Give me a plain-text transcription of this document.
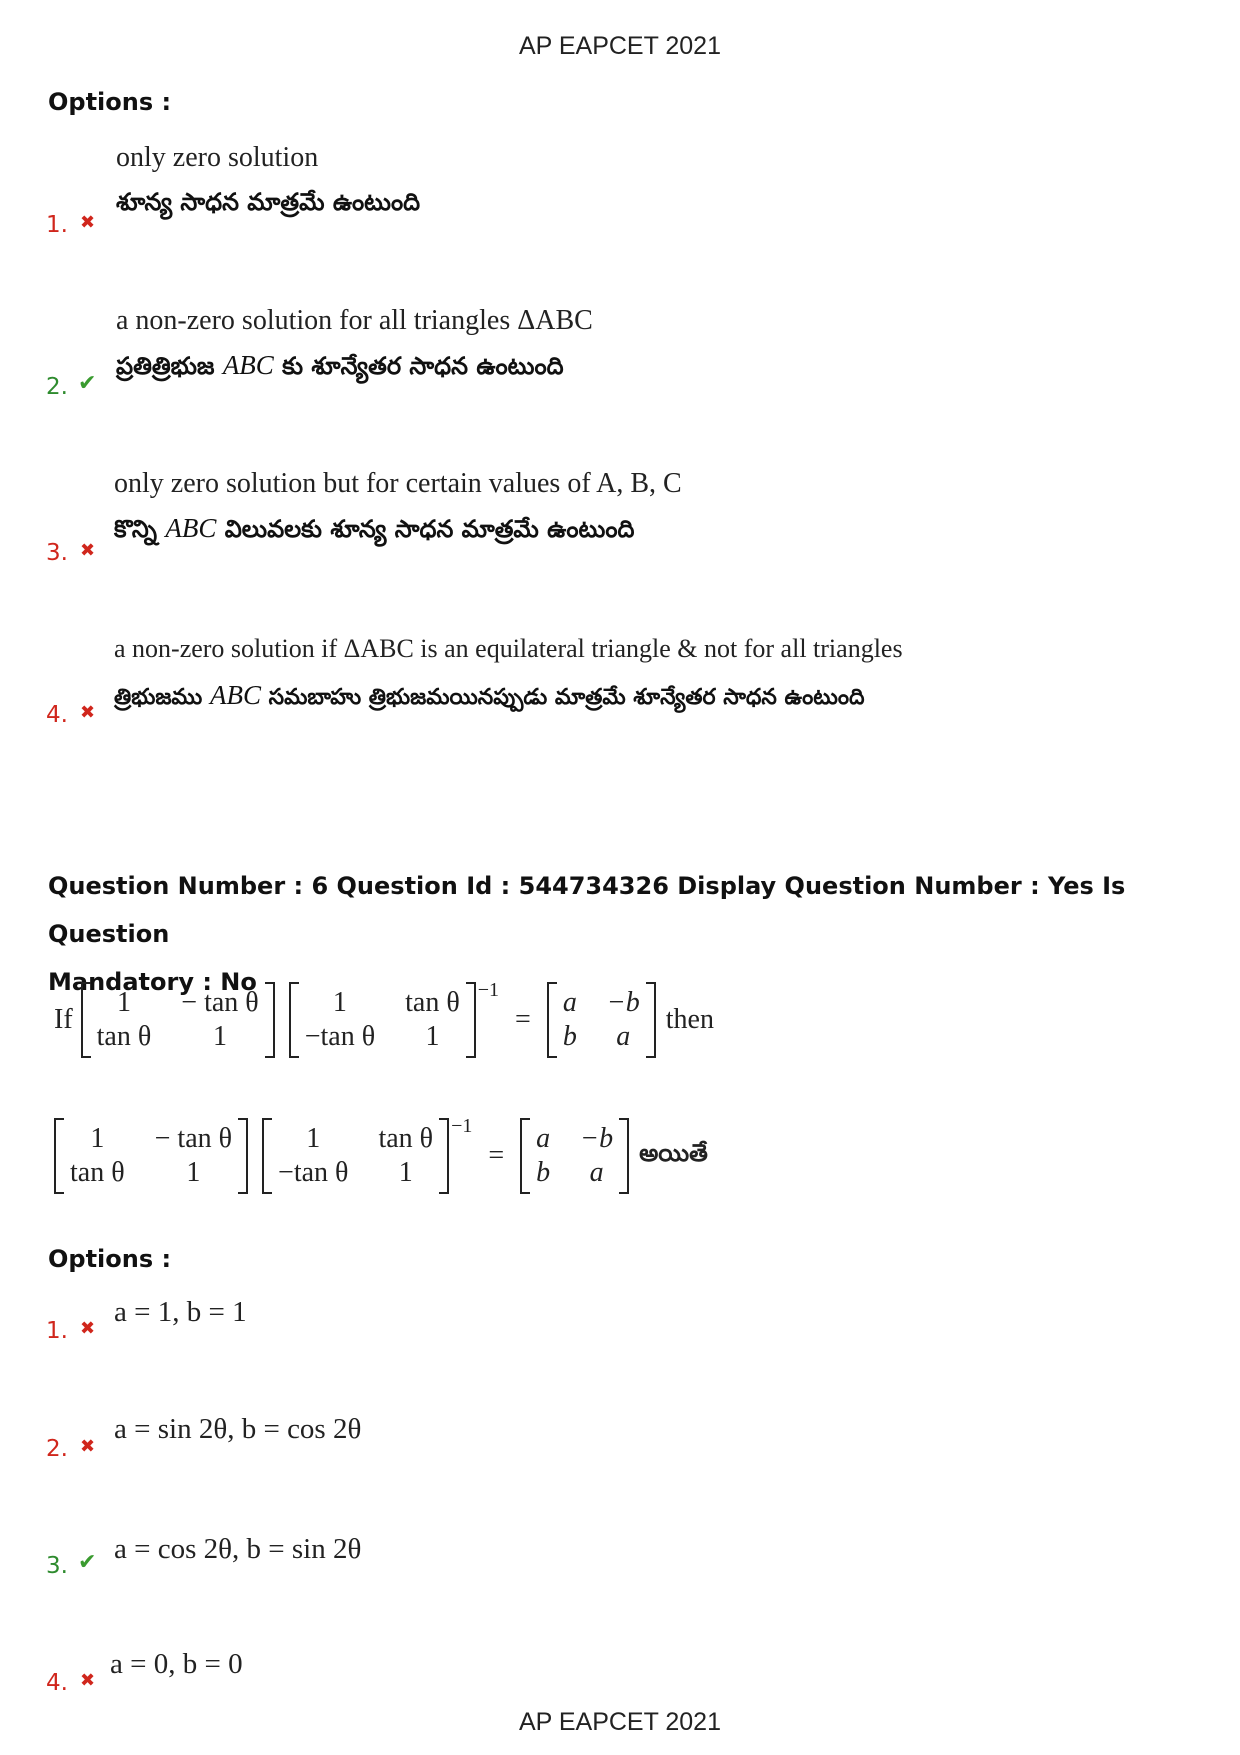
AP EAPCET 2021
Options :
only zero solution
శూన్య సాధన మాత్రమే ఉంటుంది
1. ✖
a non-zero solution for all triangles ΔABC
ప్రతిత్రిభుజ ABC కు శూన్యేతర సాధన ఉంటుంది
2. ✔
only zero solution but for certain values of A, B, C
కొన్ని ABC విలువలకు శూన్య సాధన మాత్రమే ఉంటుంది
3. ✖
a non-zero solution if ΔABC is an equilateral triangle & not for all triangles
త్రిభుజము ABC సమబాహు త్రిభుజమయినప్పుడు మాత్రమే శూన్యేతర సాధన ఉంటుంది
4. ✖
Question Number : 6 Question Id : 544734326 Display Question Number : Yes Is Question
Mandatory : No
If
1	− tan θ
tan θ	1
1	tan θ
−tan θ	1
−1
=
a −b
b	a
then
1	− tan θ
tan θ	1
1	tan θ
−tan θ	1
−1
=
a −b
b	a
అయితే
Options :
a = 1, b = 1
1. ✖
a = sin 2θ, b = cos 2θ
2. ✖
a = cos 2θ, b = sin 2θ
3. ✔
a = 0, b = 0
4. ✖
AP EAPCET 2021
